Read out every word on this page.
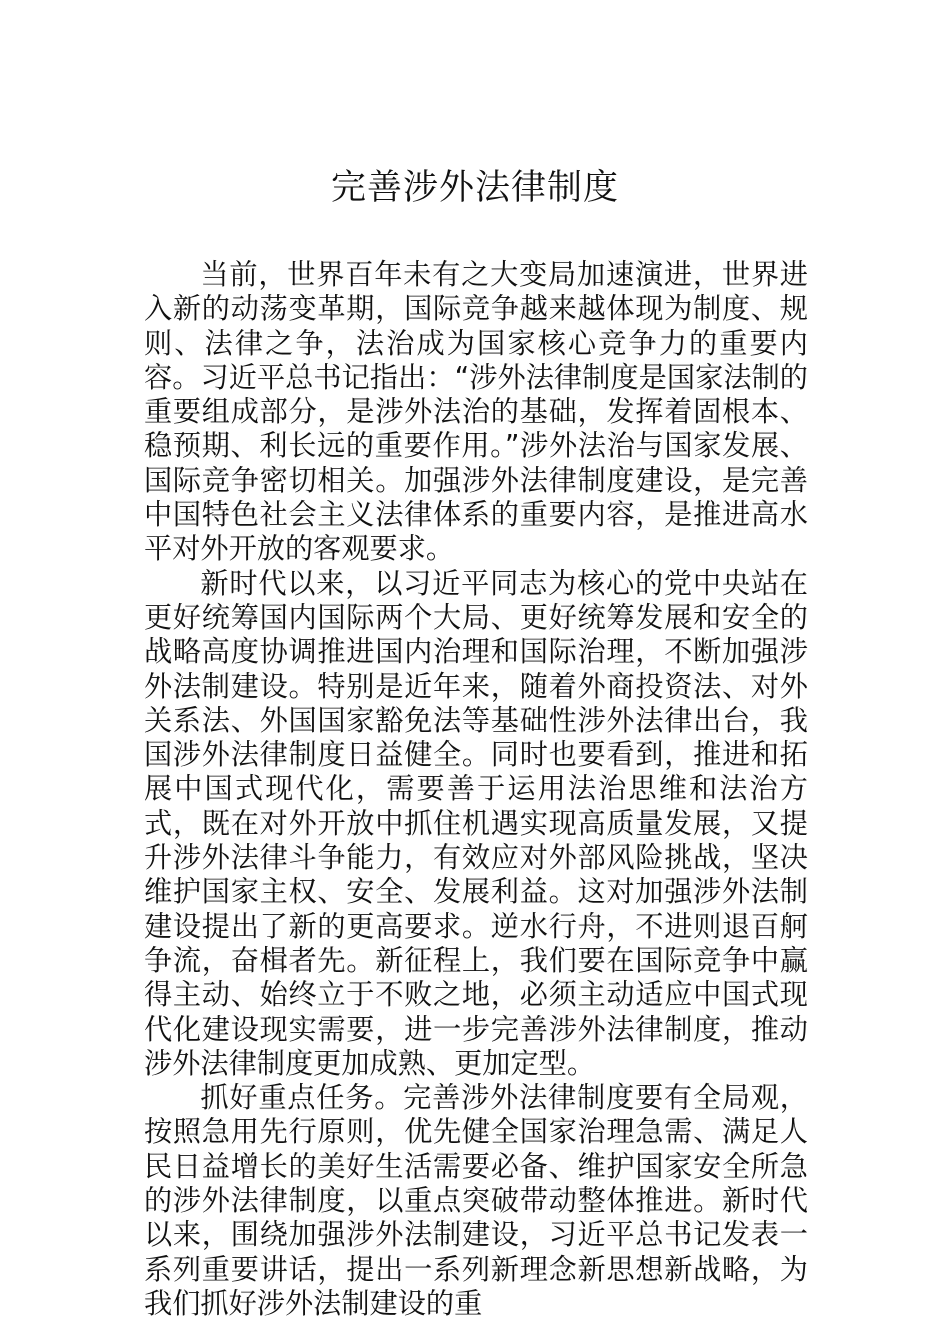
完善涉外法律制度

当前，世界百年未有之大变局加速演进，世界进入新的动荡变革期，国际竞争越来越体现为制度、规则、法律之争，法治成为国家核心竞争力的重要内容。习近平总书记指出：“涉外法律制度是国家法制的重要组成部分，是涉外法治的基础，发挥着固根本、稳预期、利长远的重要作用。”涉外法治与国家发展、国际竞争密切相关。加强涉外法律制度建设，是完善中国特色社会主义法律体系的重要内容，是推进高水平对外开放的客观要求。

新时代以来，以习近平同志为核心的党中央站在更好统筹国内国际两个大局、更好统筹发展和安全的战略高度协调推进国内治理和国际治理，不断加强涉外法制建设。特别是近年来，随着外商投资法、对外关系法、外国国家豁免法等基础性涉外法律出台，我国涉外法律制度日益健全。同时也要看到，推进和拓展中国式现代化，需要善于运用法治思维和法治方式，既在对外开放中抓住机遇实现高质量发展，又提升涉外法律斗争能力，有效应对外部风险挑战，坚决维护国家主权、安全、发展利益。这对加强涉外法制建设提出了新的更高要求。逆水行舟，不进则退百舸争流，奋楫者先。新征程上，我们要在国际竞争中赢得主动、始终立于不败之地，必须主动适应中国式现代化建设现实需要，进一步完善涉外法律制度，推动涉外法律制度更加成熟、更加定型。

抓好重点任务。完善涉外法律制度要有全局观，按照急用先行原则，优先健全国家治理急需、满足人民日益增长的美好生活需要必备、维护国家安全所急的涉外法律制度，以重点突破带动整体推进。新时代以来，围绕加强涉外法制建设，习近平总书记发表一系列重要讲话，提出一系列新理念新思想新战略，为我们抓好涉外法制建设的重
